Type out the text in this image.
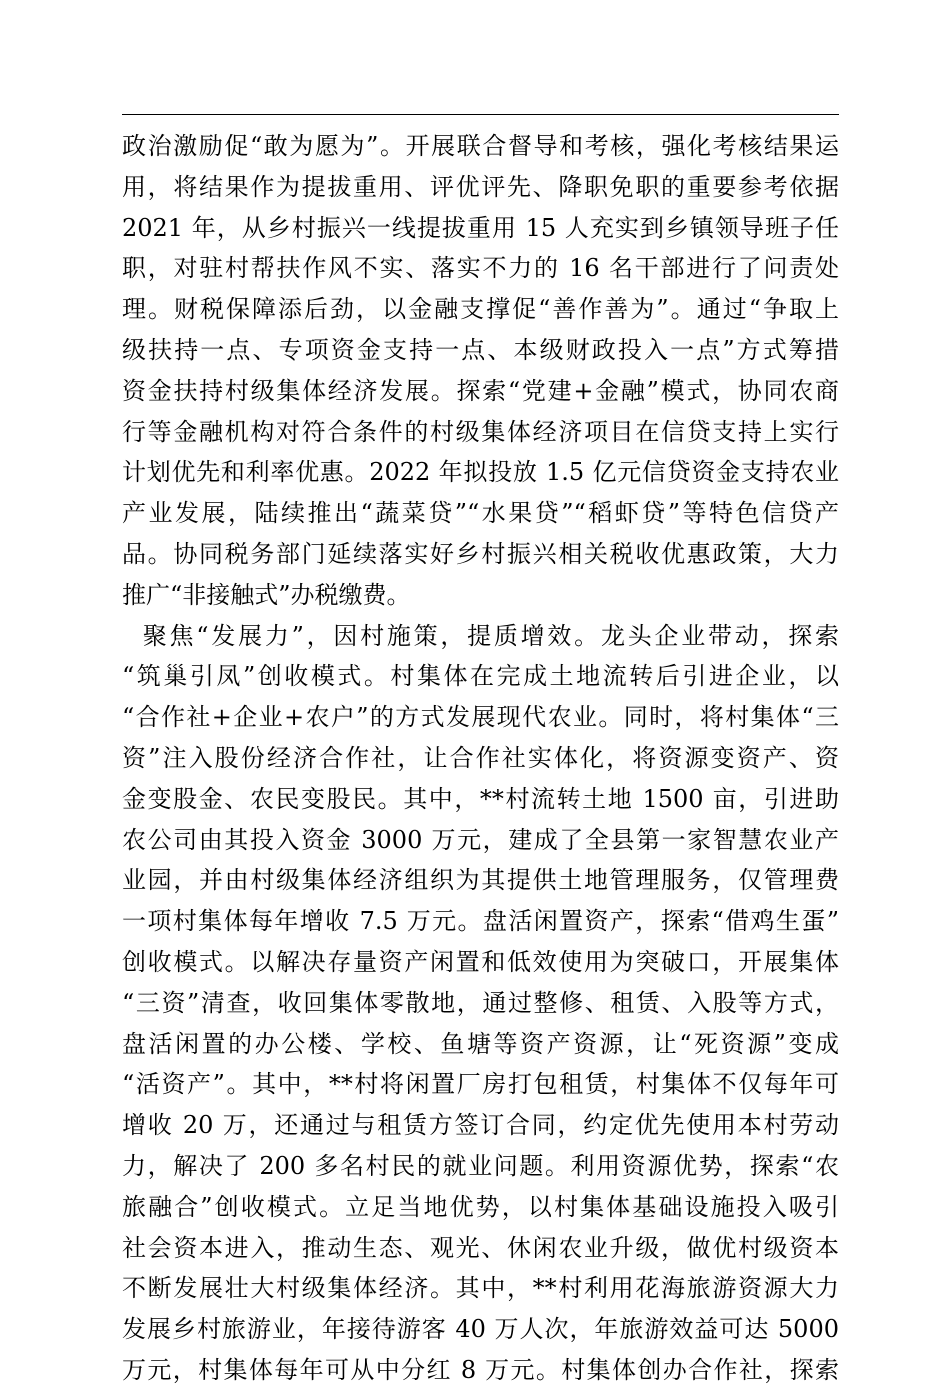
政治激励促“敢为愿为”。开展联合督导和考核，强化考核结果运
用，将结果作为提拔重用、评优评先、降职免职的重要参考依据
2021 年，从乡村振兴一线提拔重用 15 人充实到乡镇领导班子任
职，对驻村帮扶作风不实、落实不力的 16 名干部进行了问责处
理。财税保障添后劲，以金融支撑促“善作善为”。通过“争取上
级扶持一点、专项资金支持一点、本级财政投入一点”方式筹措
资金扶持村级集体经济发展。探索“党建+金融”模式，协同农商
行等金融机构对符合条件的村级集体经济项目在信贷支持上实行
计划优先和利率优惠。2022 年拟投放 1.5 亿元信贷资金支持农业
产业发展，陆续推出“蔬菜贷”“水果贷”“稻虾贷”等特色信贷产
品。协同税务部门延续落实好乡村振兴相关税收优惠政策，大力
推广“非接触式”办税缴费。
聚焦“发展力”，因村施策，提质增效。龙头企业带动，探索
“筑巢引凤”创收模式。村集体在完成土地流转后引进企业，以
“合作社+企业+农户”的方式发展现代农业。同时，将村集体“三
资”注入股份经济合作社，让合作社实体化，将资源变资产、资
金变股金、农民变股民。其中，**村流转土地 1500 亩，引进助
农公司由其投入资金 3000 万元，建成了全县第一家智慧农业产
业园，并由村级集体经济组织为其提供土地管理服务，仅管理费
一项村集体每年增收 7.5 万元。盘活闲置资产，探索“借鸡生蛋”
创收模式。以解决存量资产闲置和低效使用为突破口，开展集体
“三资”清查，收回集体零散地，通过整修、租赁、入股等方式，
盘活闲置的办公楼、学校、鱼塘等资产资源，让“死资源”变成
“活资产”。其中，**村将闲置厂房打包租赁，村集体不仅每年可
增收 20 万，还通过与租赁方签订合同，约定优先使用本村劳动
力，解决了 200 多名村民的就业问题。利用资源优势，探索“农
旅融合”创收模式。立足当地优势，以村集体基础设施投入吸引
社会资本进入，推动生态、观光、休闲农业升级，做优村级资本
不断发展壮大村级集体经济。其中，**村利用花海旅游资源大力
发展乡村旅游业，年接待游客 40 万人次，年旅游效益可达 5000
万元，村集体每年可从中分红 8 万元。村集体创办合作社，探索
